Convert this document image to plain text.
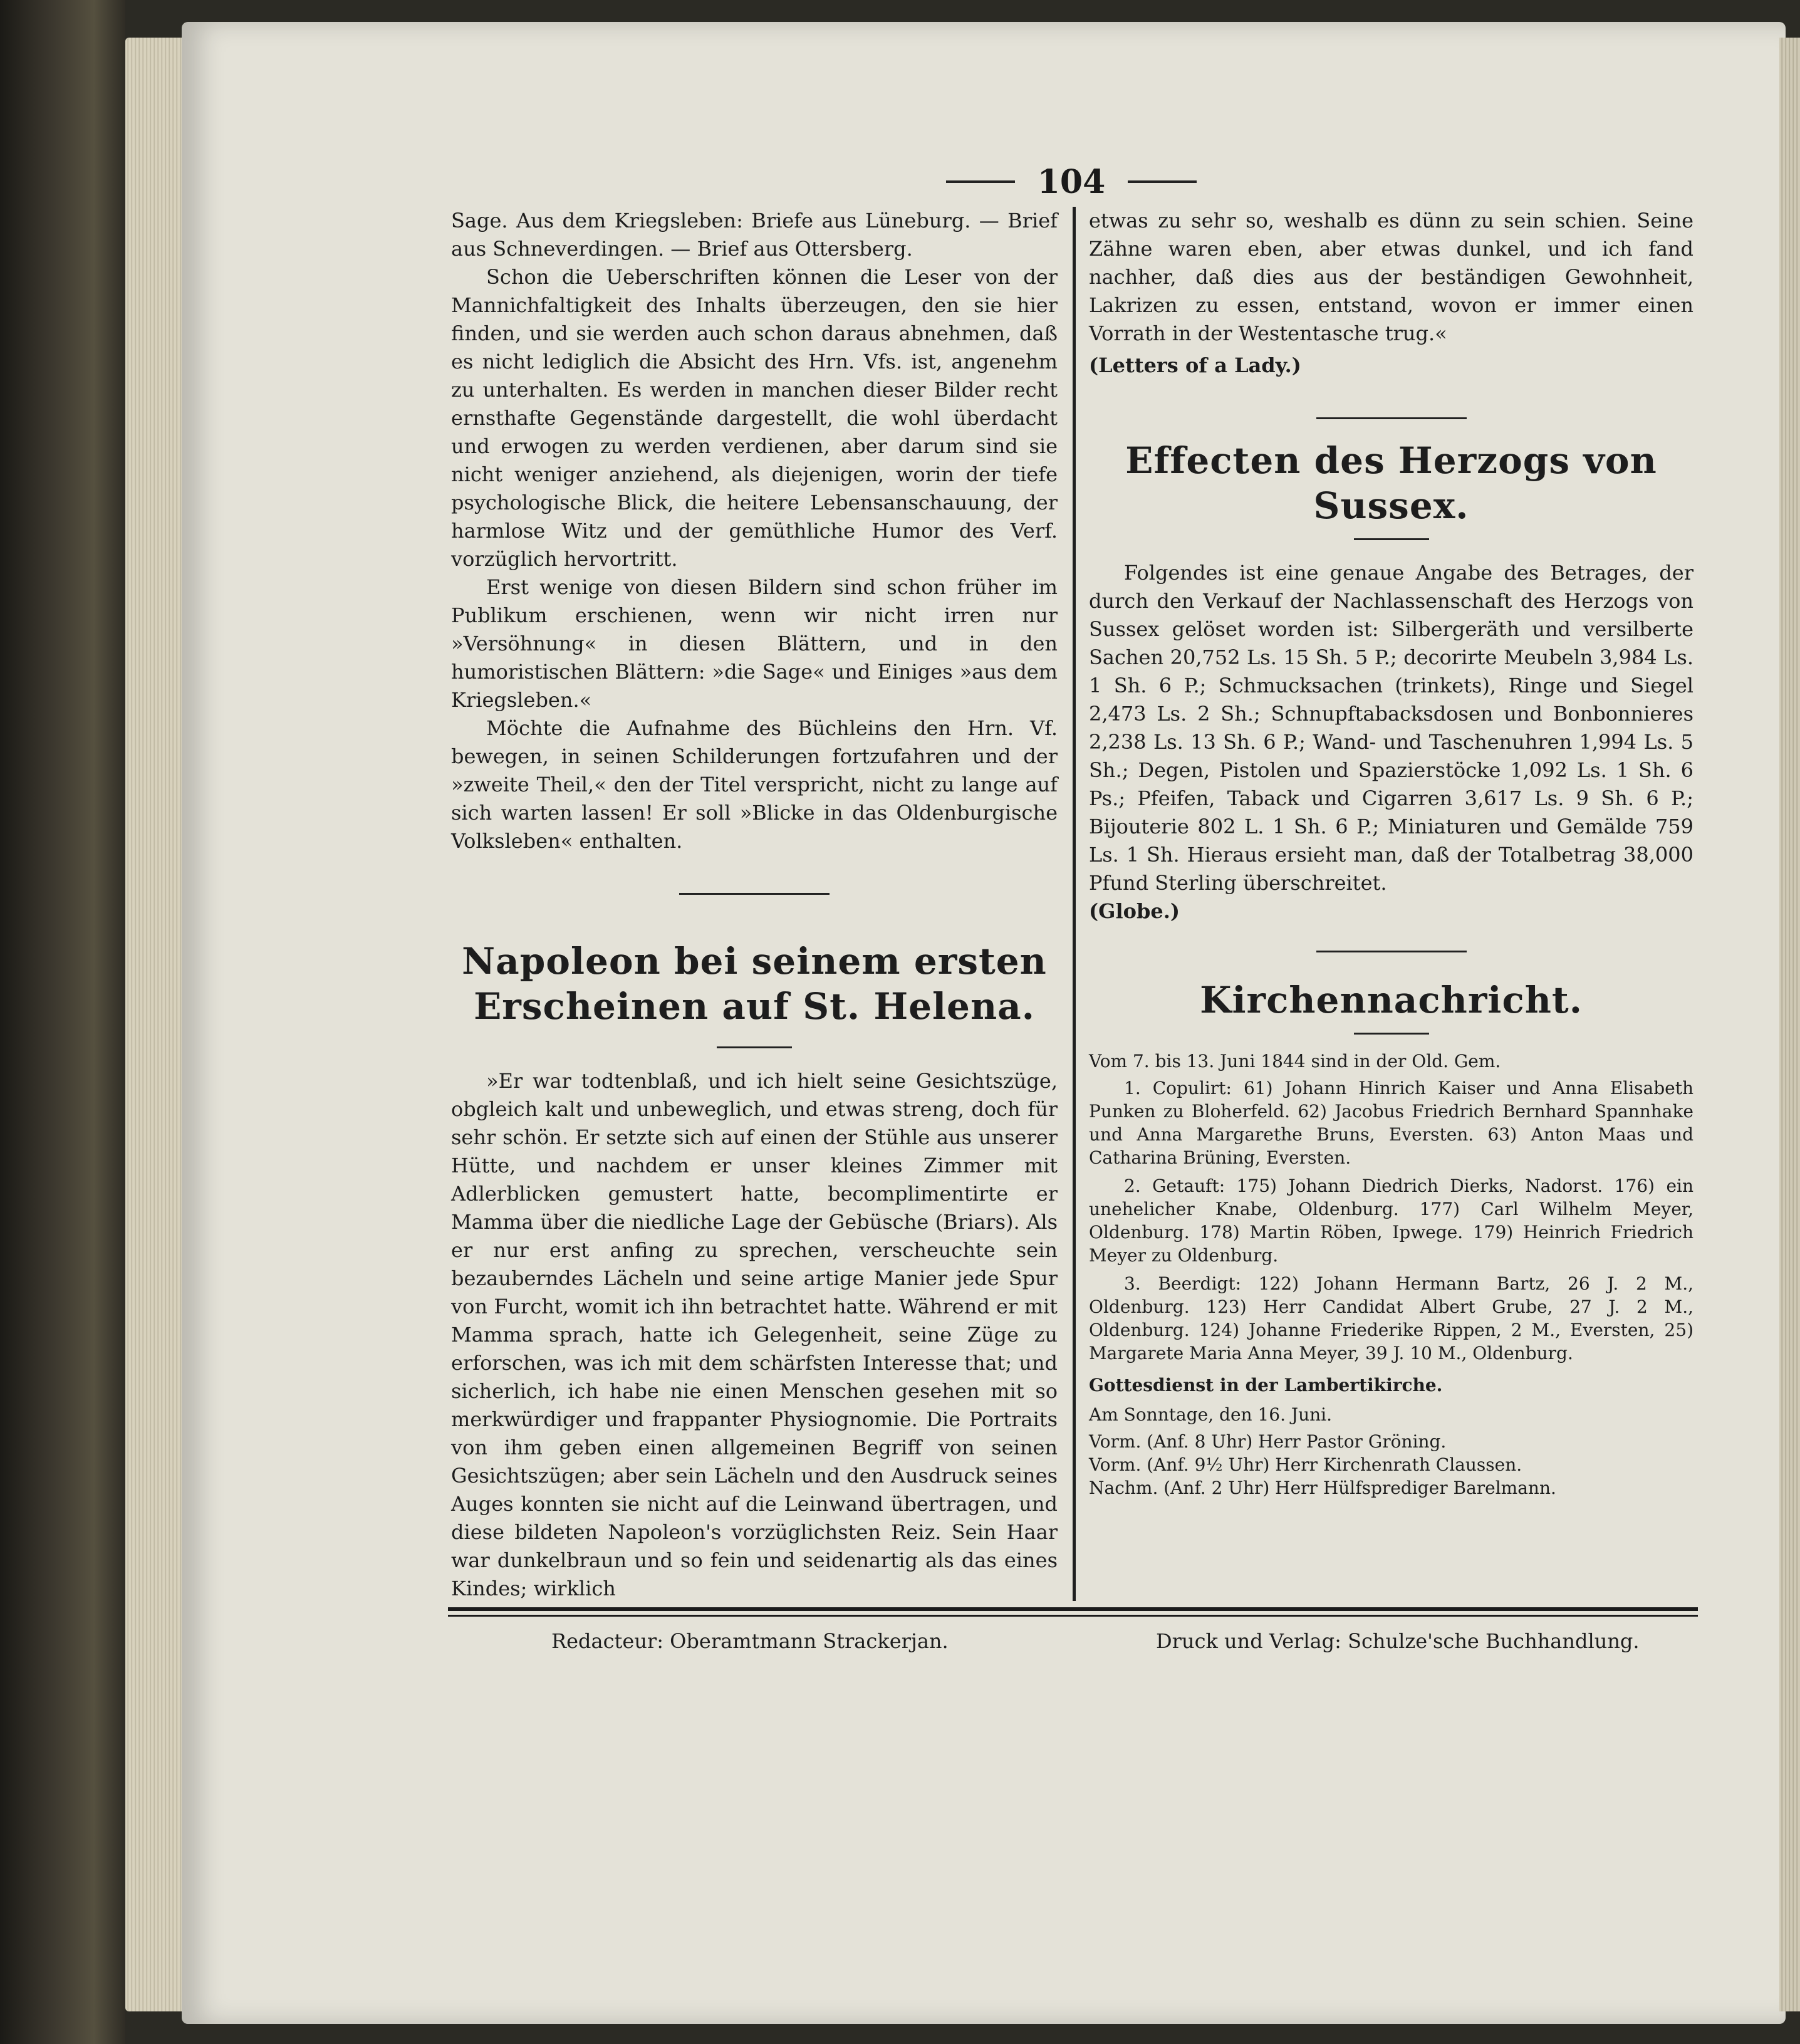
104

Sage. Aus dem Kriegsleben: Briefe aus Lüneburg. — Brief aus Schneverdingen. — Brief aus Ottersberg.

Schon die Ueberschriften können die Leser von der Mannichfaltigkeit des Inhalts überzeugen, den sie hier finden, und sie werden auch schon daraus abnehmen, daß es nicht lediglich die Absicht des Hrn. Vfs. ist, angenehm zu unterhalten. Es werden in manchen dieser Bilder recht ernsthafte Gegenstände dargestellt, die wohl überdacht und erwogen zu werden verdienen, aber darum sind sie nicht weniger anziehend, als diejenigen, worin der tiefe psychologische Blick, die heitere Lebensanschauung, der harmlose Witz und der gemüthliche Humor des Verf. vorzüglich hervortritt.

Erst wenige von diesen Bildern sind schon früher im Publikum erschienen, wenn wir nicht irren nur »Versöhnung« in diesen Blättern, und in den humoristischen Blättern: »die Sage« und Einiges »aus dem Kriegsleben.«

Möchte die Aufnahme des Büchleins den Hrn. Vf. bewegen, in seinen Schilderungen fortzufahren und der »zweite Theil,« den der Titel verspricht, nicht zu lange auf sich warten lassen! Er soll »Blicke in das Oldenburgische Volksleben« enthalten.

Napoleon bei seinem ersten Erscheinen auf St. Helena.

»Er war todtenblaß, und ich hielt seine Gesichtszüge, obgleich kalt und unbeweglich, und etwas streng, doch für sehr schön. Er setzte sich auf einen der Stühle aus unserer Hütte, und nachdem er unser kleines Zimmer mit Adlerblicken gemustert hatte, becomplimentirte er Mamma über die niedliche Lage der Gebüsche (Briars). Als er nur erst anfing zu sprechen, verscheuchte sein bezauberndes Lächeln und seine artige Manier jede Spur von Furcht, womit ich ihn betrachtet hatte. Während er mit Mamma sprach, hatte ich Gelegenheit, seine Züge zu erforschen, was ich mit dem schärfsten Interesse that; und sicherlich, ich habe nie einen Menschen gesehen mit so merkwürdiger und frappanter Physiognomie. Die Portraits von ihm geben einen allgemeinen Begriff von seinen Gesichtszügen; aber sein Lächeln und den Ausdruck seines Auges konnten sie nicht auf die Leinwand übertragen, und diese bildeten Napoleon's vorzüglichsten Reiz. Sein Haar war dunkelbraun und so fein und seidenartig als das eines Kindes; wirklich

etwas zu sehr so, weshalb es dünn zu sein schien. Seine Zähne waren eben, aber etwas dunkel, und ich fand nachher, daß dies aus der beständigen Gewohnheit, Lakrizen zu essen, entstand, wovon er immer einen Vorrath in der Westentasche trug.«

(Letters of a Lady.)

Effecten des Herzogs von Sussex.

Folgendes ist eine genaue Angabe des Betrages, der durch den Verkauf der Nachlassenschaft des Herzogs von Sussex gelöset worden ist: Silbergeräth und versilberte Sachen 20,752 Ls. 15 Sh. 5 P.; decorirte Meubeln 3,984 Ls. 1 Sh. 6 P.; Schmucksachen (trinkets), Ringe und Siegel 2,473 Ls. 2 Sh.; Schnupftabacksdosen und Bonbonnieres 2,238 Ls. 13 Sh. 6 P.; Wand- und Taschenuhren 1,994 Ls. 5 Sh.; Degen, Pistolen und Spazierstöcke 1,092 Ls. 1 Sh. 6 Ps.; Pfeifen, Taback und Cigarren 3,617 Ls. 9 Sh. 6 P.; Bijouterie 802 L. 1 Sh. 6 P.; Miniaturen und Gemälde 759 Ls. 1 Sh. Hieraus ersieht man, daß der Totalbetrag 38,000 Pfund Sterling überschreitet.

(Globe.)

Kirchennachricht.

Vom 7. bis 13. Juni 1844 sind in der Old. Gem.

1. Copulirt: 61) Johann Hinrich Kaiser und Anna Elisabeth Punken zu Bloherfeld. 62) Jacobus Friedrich Bernhard Spannhake und Anna Margarethe Bruns, Eversten. 63) Anton Maas und Catharina Brüning, Eversten.

2. Getauft: 175) Johann Diedrich Dierks, Nadorst. 176) ein unehelicher Knabe, Oldenburg. 177) Carl Wilhelm Meyer, Oldenburg. 178) Martin Röben, Ipwege. 179) Heinrich Friedrich Meyer zu Oldenburg.

3. Beerdigt: 122) Johann Hermann Bartz, 26 J. 2 M., Oldenburg. 123) Herr Candidat Albert Grube, 27 J. 2 M., Oldenburg. 124) Johanne Friederike Rippen, 2 M., Eversten, 25) Margarete Maria Anna Meyer, 39 J. 10 M., Oldenburg.

Gottesdienst in der Lambertikirche.

Am Sonntage, den 16. Juni.

Vorm. (Anf. 8 Uhr) Herr Pastor Gröning.

Vorm. (Anf. 9½ Uhr) Herr Kirchenrath Claussen.

Nachm. (Anf. 2 Uhr) Herr Hülfsprediger Barelmann.

Redacteur: Oberamtmann Strackerjan.	Druck und Verlag: Schulze'sche Buchhandlung.
